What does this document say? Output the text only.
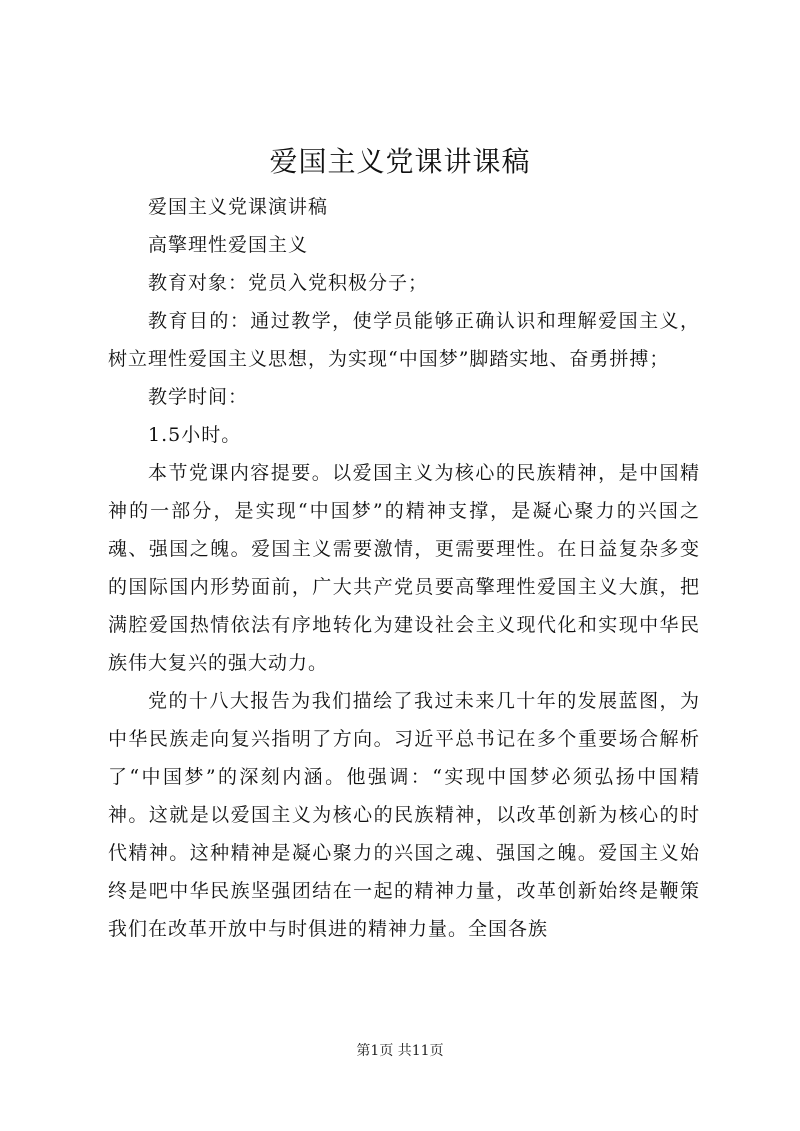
爱国主义党课讲课稿

爱国主义党课演讲稿

高擎理性爱国主义

教育对象：党员入党积极分子；

教育目的：通过教学，使学员能够正确认识和理解爱国主义，树立理性爱国主义思想，为实现“中国梦”脚踏实地、奋勇拼搏；

教学时间：

1.5小时。

本节党课内容提要。以爱国主义为核心的民族精神，是中国精神的一部分，是实现“中国梦”的精神支撑，是凝心聚力的兴国之魂、强国之魄。爱国主义需要激情，更需要理性。在日益复杂多变的国际国内形势面前，广大共产党员要高擎理性爱国主义大旗，把满腔爱国热情依法有序地转化为建设社会主义现代化和实现中华民族伟大复兴的强大动力。

党的十八大报告为我们描绘了我过未来几十年的发展蓝图，为中华民族走向复兴指明了方向。习近平总书记在多个重要场合解析了“中国梦”的深刻内涵。他强调：“实现中国梦必须弘扬中国精神。这就是以爱国主义为核心的民族精神，以改革创新为核心的时代精神。这种精神是凝心聚力的兴国之魂、强国之魄。爱国主义始终是吧中华民族坚强团结在一起的精神力量，改革创新始终是鞭策我们在改革开放中与时俱进的精神力量。全国各族

第1页 共11页
